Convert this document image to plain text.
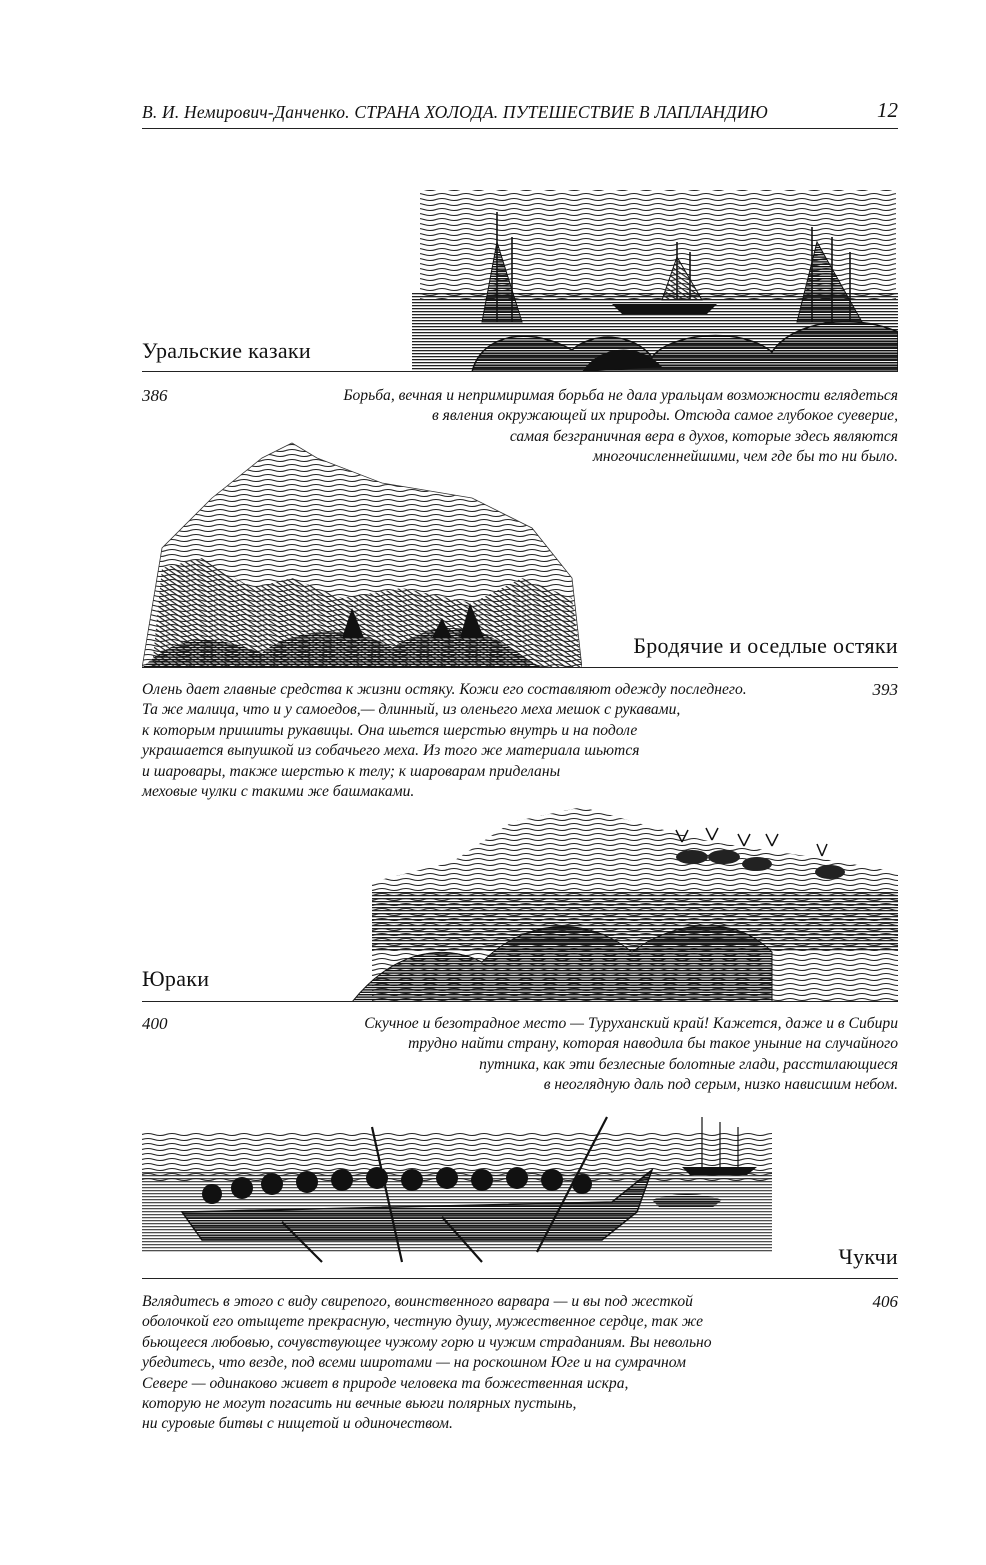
В. И. Немирович-Данченко. СТРАНА ХОЛОДА. ПУТЕШЕСТВИЕ В ЛАПЛАНДИЮ	12
Уральские казаки
386	Борьба, вечная и непримиримая борьба не дала уральцам возможности вглядеться
в явления окружающей их природы. Отсюда самое глубокое суеверие,
самая безграничная вера в духов, которые здесь являются
многочисленнейшими, чем где бы то ни было.
Бродячие и оседлые остяки
Олень дает главные средства к жизни остяку. Кожи его составляют одежду последнего.
Та же малица, что и у самоедов,— длинный, из оленьего меха мешок с рукавами,
к которым пришиты рукавицы. Она шьется шерстью внутрь и на подоле
украшается выпушкой из собачьего меха. Из того же материала шьются
и шаровары, также шерстью к телу; к шароварам приделаны
меховые чулки с такими же башмаками.
393
Юраки
400	Скучное и безотрадное место — Туруханский край! Кажется, даже и в Сибири
трудно найти страну, которая наводила бы такое уныние на случайного
путника, как эти безлесные болотные глади, расстилающиеся
в неоглядную даль под серым, низко нависшим небом.
Чукчи
Вглядитесь в этого с виду свирепого, воинственного варвара — и вы под жесткой
оболочкой его отыщете прекрасную, честную душу, мужественное сердце, так же
бьющееся любовью, сочувствующее чужому горю и чужим страданиям. Вы невольно
убедитесь, что везде, под всеми широтами — на роскошном Юге и на сумрачном
Севере — одинаково живет в природе человека та божественная искра,
которую не могут погасить ни вечные вьюги полярных пустынь,
ни суровые битвы с нищетой и одиночеством.
406
